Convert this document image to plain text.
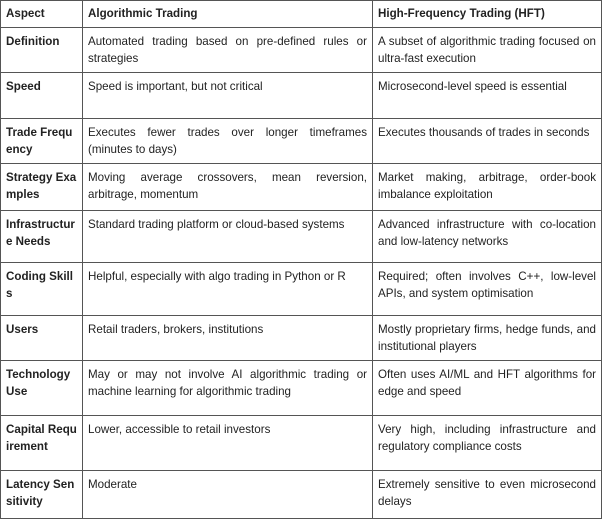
Aspect	Algorithmic Trading	High-Frequency Trading (HFT)
Definition	Automated trading based on pre-defined rules or strategies	A subset of algorithmic trading focused on ultra-fast execution
Speed	Speed is important, but not critical	Microsecond-level speed is essential
Trade Frequency	Executes fewer trades over longer timeframes (minutes to days)	Executes thousands of trades in seconds
Strategy Examples	Moving average crossovers, mean reversion, arbitrage, momentum	Market making, arbitrage, order-book imbalance exploitation
Infrastructure Needs	Standard trading platform or cloud-based systems	Advanced infrastructure with co-location and low-latency networks
Coding Skills	Helpful, especially with algo trading in Python or R	Required; often involves C++, low-level APIs, and system optimisation
Users	Retail traders, brokers, institutions	Mostly proprietary firms, hedge funds, and institutional players
Technology Use	May or may not involve AI algorithmic trading or machine learning for algorithmic trading	Often uses AI/ML and HFT algorithms for edge and speed
Capital Requirement	Lower, accessible to retail investors	Very high, including infrastructure and regulatory compliance costs
Latency Sensitivity	Moderate	Extremely sensitive to even microsecond delays
